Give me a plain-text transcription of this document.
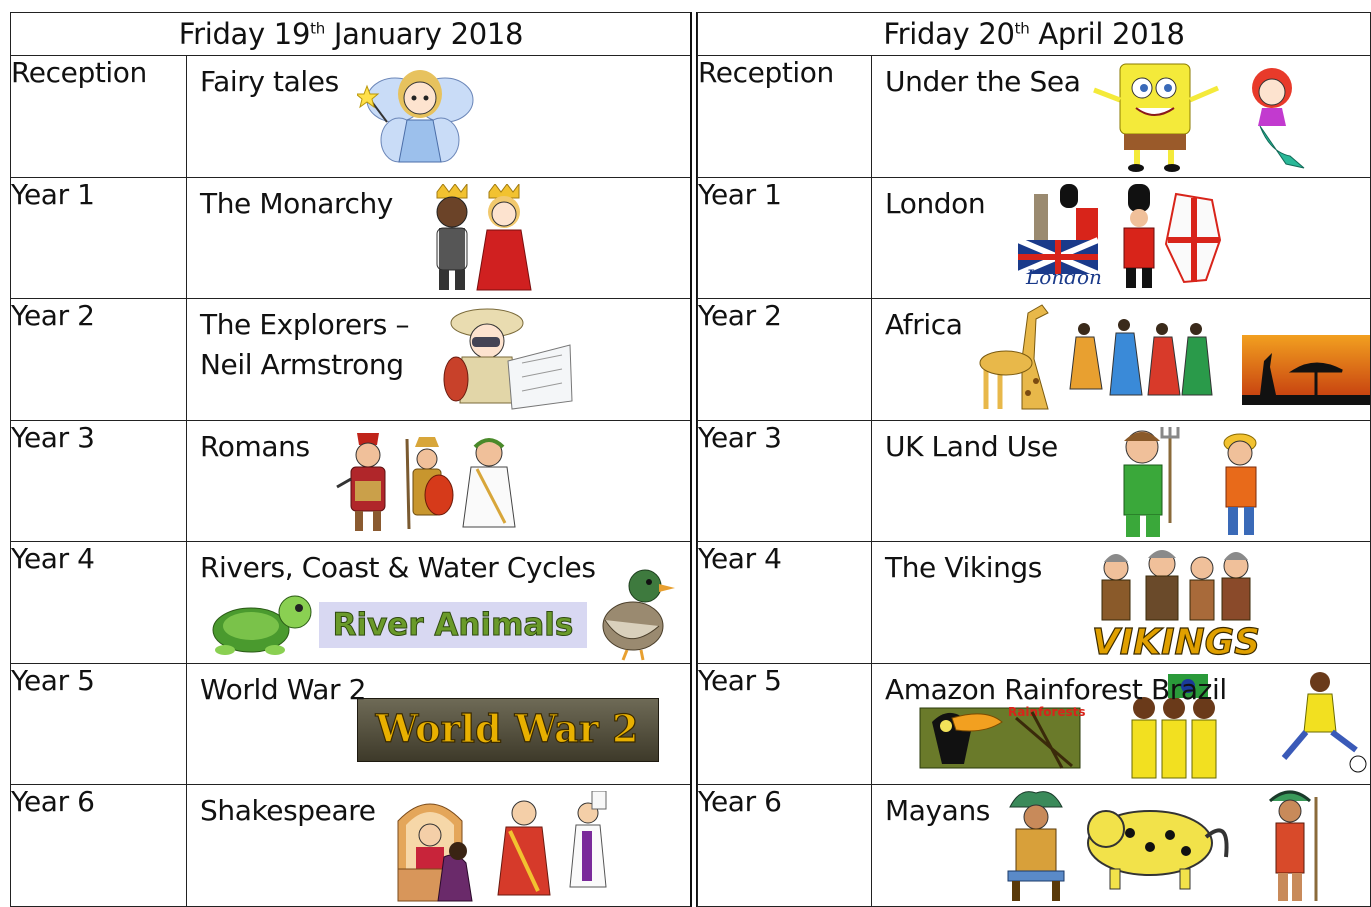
Friday 19th January 2018	
Reception	Fairy tales

Year 1	The Monarchy

Year 2	The Explorers –
Neil Armstrong

Year 3	Romans

Year 4	Rivers, Coast & Water Cycles
River Animals

Year 5	World War 2
World War 2

Year 6	Shakespeare
Friday 20th April 2018	
Reception	Under the Sea

Year 1	London
London

Year 2	Africa

Year 3	UK Land Use

Year 4	The Vikings
VIKINGS

Year 5	Amazon Rainforest Brazil
Rainforests

Year 6	Mayans
